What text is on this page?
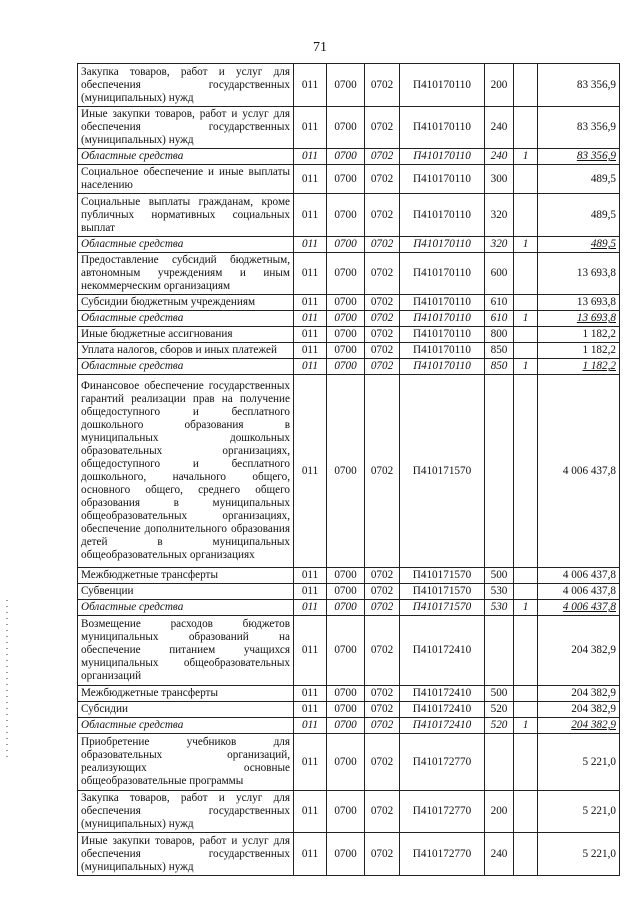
71
Закупка товаров, работ и услуг для обеспечения государственных (муниципальных) нужд	011	0700	0702	П410170110	200		83 356,9
Иные закупки товаров, работ и услуг для обеспечения государственных (муниципальных) нужд	011	0700	0702	П410170110	240		83 356,9
Областные средства	011	0700	0702	П410170110	240	1	83 356,9
Социальное обеспечение и иные выплаты населению	011	0700	0702	П410170110	300		489,5
Социальные выплаты гражданам, кроме публичных нормативных социальных выплат	011	0700	0702	П410170110	320		489,5
Областные средства	011	0700	0702	П410170110	320	1	489,5
Предоставление субсидий бюджетным, автономным учреждениям и иным некоммерческим организациям	011	0700	0702	П410170110	600		13 693,8
Субсидии бюджетным учреждениям	011	0700	0702	П410170110	610		13 693,8
Областные средства	011	0700	0702	П410170110	610	1	13 693,8
Иные бюджетные ассигнования	011	0700	0702	П410170110	800		1 182,2
Уплата налогов, сборов и иных платежей	011	0700	0702	П410170110	850		1 182,2
Областные средства	011	0700	0702	П410170110	850	1	1 182,2
Финансовое обеспечение государственных гарантий реализации прав на получение общедоступного и бесплатного дошкольного образования в муниципальных дошкольных образовательных организациях, общедоступного и бесплатного дошкольного, начального общего, основного общего, среднего общего образования в муниципальных общеобразовательных организациях, обеспечение дополнительного образования детей в муниципальных общеобразовательных организациях	011	0700	0702	П410171570			4 006 437,8
Межбюджетные трансферты	011	0700	0702	П410171570	500		4 006 437,8
Субвенции	011	0700	0702	П410171570	530		4 006 437,8
Областные средства	011	0700	0702	П410171570	530	1	4 006 437,8
Возмещение расходов бюджетов муниципальных образований на обеспечение питанием учащихся муниципальных общеобразовательных организаций	011	0700	0702	П410172410			204 382,9
Межбюджетные трансферты	011	0700	0702	П410172410	500		204 382,9
Субсидии	011	0700	0702	П410172410	520		204 382,9
Областные средства	011	0700	0702	П410172410	520	1	204 382,9
Приобретение учебников для образовательных организаций, реализующих основные общеобразовательные программы	011	0700	0702	П410172770			5 221,0
Закупка товаров, работ и услуг для обеспечения государственных (муниципальных) нужд	011	0700	0702	П410172770	200		5 221,0
Иные закупки товаров, работ и услуг для обеспечения государственных (муниципальных) нужд	011	0700	0702	П410172770	240		5 221,0
